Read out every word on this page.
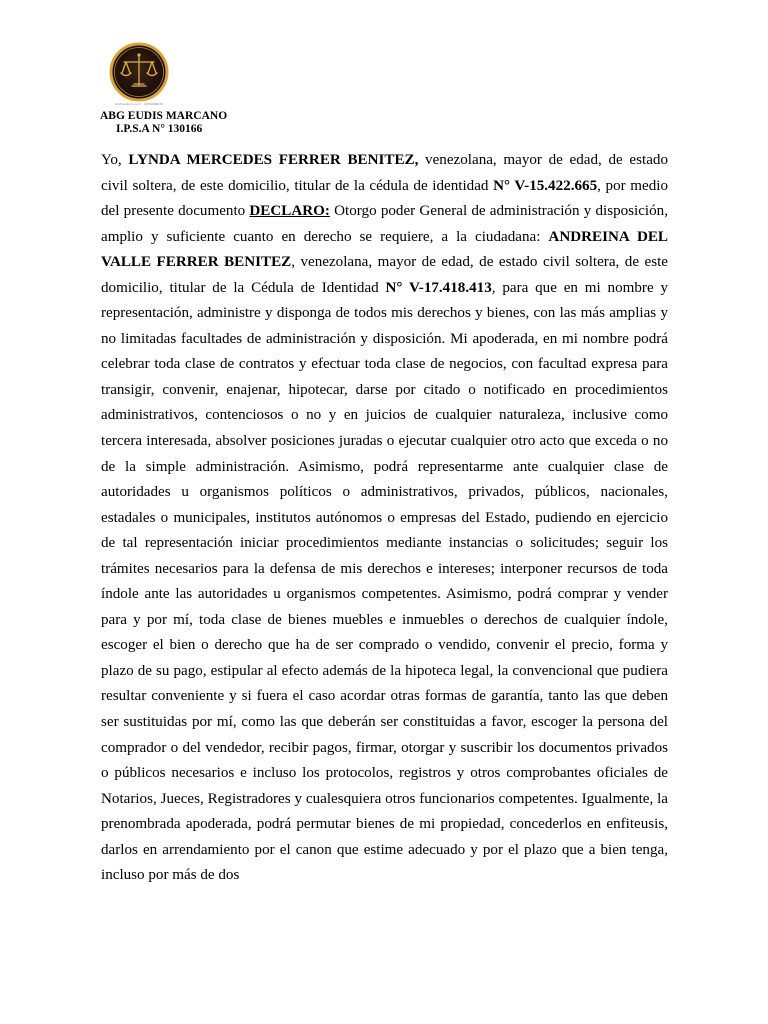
shutterstock.com · 1836046630
ABG EUDIS MARCANO
I.P.S.A N° 130166

Yo, LYNDA MERCEDES FERRER BENITEZ, venezolana, mayor de edad, de estado civil soltera, de este domicilio, titular de la cédula de identidad N° V-15.422.665, por medio del presente documento DECLARO: Otorgo poder General de administración y disposición, amplio y suficiente cuanto en derecho se requiere, a la ciudadana: ANDREINA DEL VALLE FERRER BENITEZ, venezolana, mayor de edad, de estado civil soltera, de este domicilio, titular de la Cédula de Identidad N° V-17.418.413, para que en mi nombre y representación, administre y disponga de todos mis derechos y bienes, con las más amplias y no limitadas facultades de administración y disposición. Mi apoderada, en mi nombre podrá celebrar toda clase de contratos y efectuar toda clase de negocios, con facultad expresa para transigir, convenir, enajenar, hipotecar, darse por citado o notificado en procedimientos administrativos, contenciosos o no y en juicios de cualquier naturaleza, inclusive como tercera interesada, absolver posiciones juradas o ejecutar cualquier otro acto que exceda o no de la simple administración. Asimismo, podrá representarme ante cualquier clase de autoridades u organismos políticos o administrativos, privados, públicos, nacionales, estadales o municipales, institutos autónomos o empresas del Estado, pudiendo en ejercicio de tal representación iniciar procedimientos mediante instancias o solicitudes; seguir los trámites necesarios para la defensa de mis derechos e intereses; interponer recursos de toda índole ante las autoridades u organismos competentes. Asimismo, podrá comprar y vender para y por mí, toda clase de bienes muebles e inmuebles o derechos de cualquier índole, escoger el bien o derecho que ha de ser comprado o vendido, convenir el precio, forma y plazo de su pago, estipular al efecto además de la hipoteca legal, la convencional que pudiera resultar conveniente y si fuera el caso acordar otras formas de garantía, tanto las que deben ser sustituidas por mí, como las que deberán ser constituidas a favor, escoger la persona del comprador o del vendedor, recibir pagos, firmar, otorgar y suscribir los documentos privados o públicos necesarios e incluso los protocolos, registros y otros comprobantes oficiales de Notarios, Jueces, Registradores y cualesquiera otros funcionarios competentes. Igualmente, la prenombrada apoderada, podrá permutar bienes de mi propiedad, concederlos en enfiteusis, darlos en arrendamiento por el canon que estime adecuado y por el plazo que a bien tenga, incluso por más de dos
